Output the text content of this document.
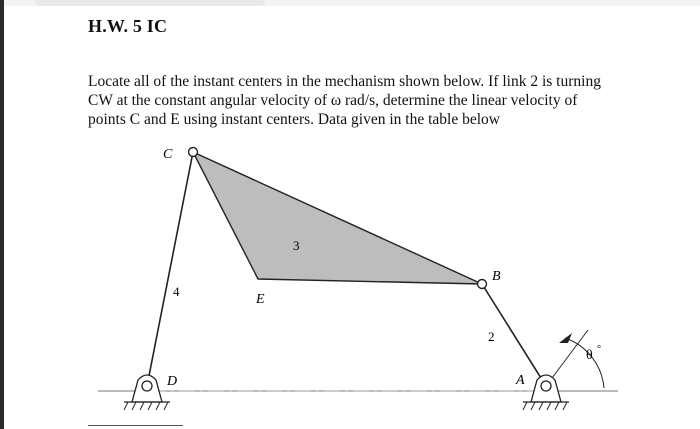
H.W. 5 IC
Locate all of the instant centers in the mechanism shown below. If link 2 is turning
CW at the constant angular velocity of ω rad/s, determine the linear velocity of
points C and E using instant centers. Data given in the table below
C
B
E
D	A
3
4
2
θ °
